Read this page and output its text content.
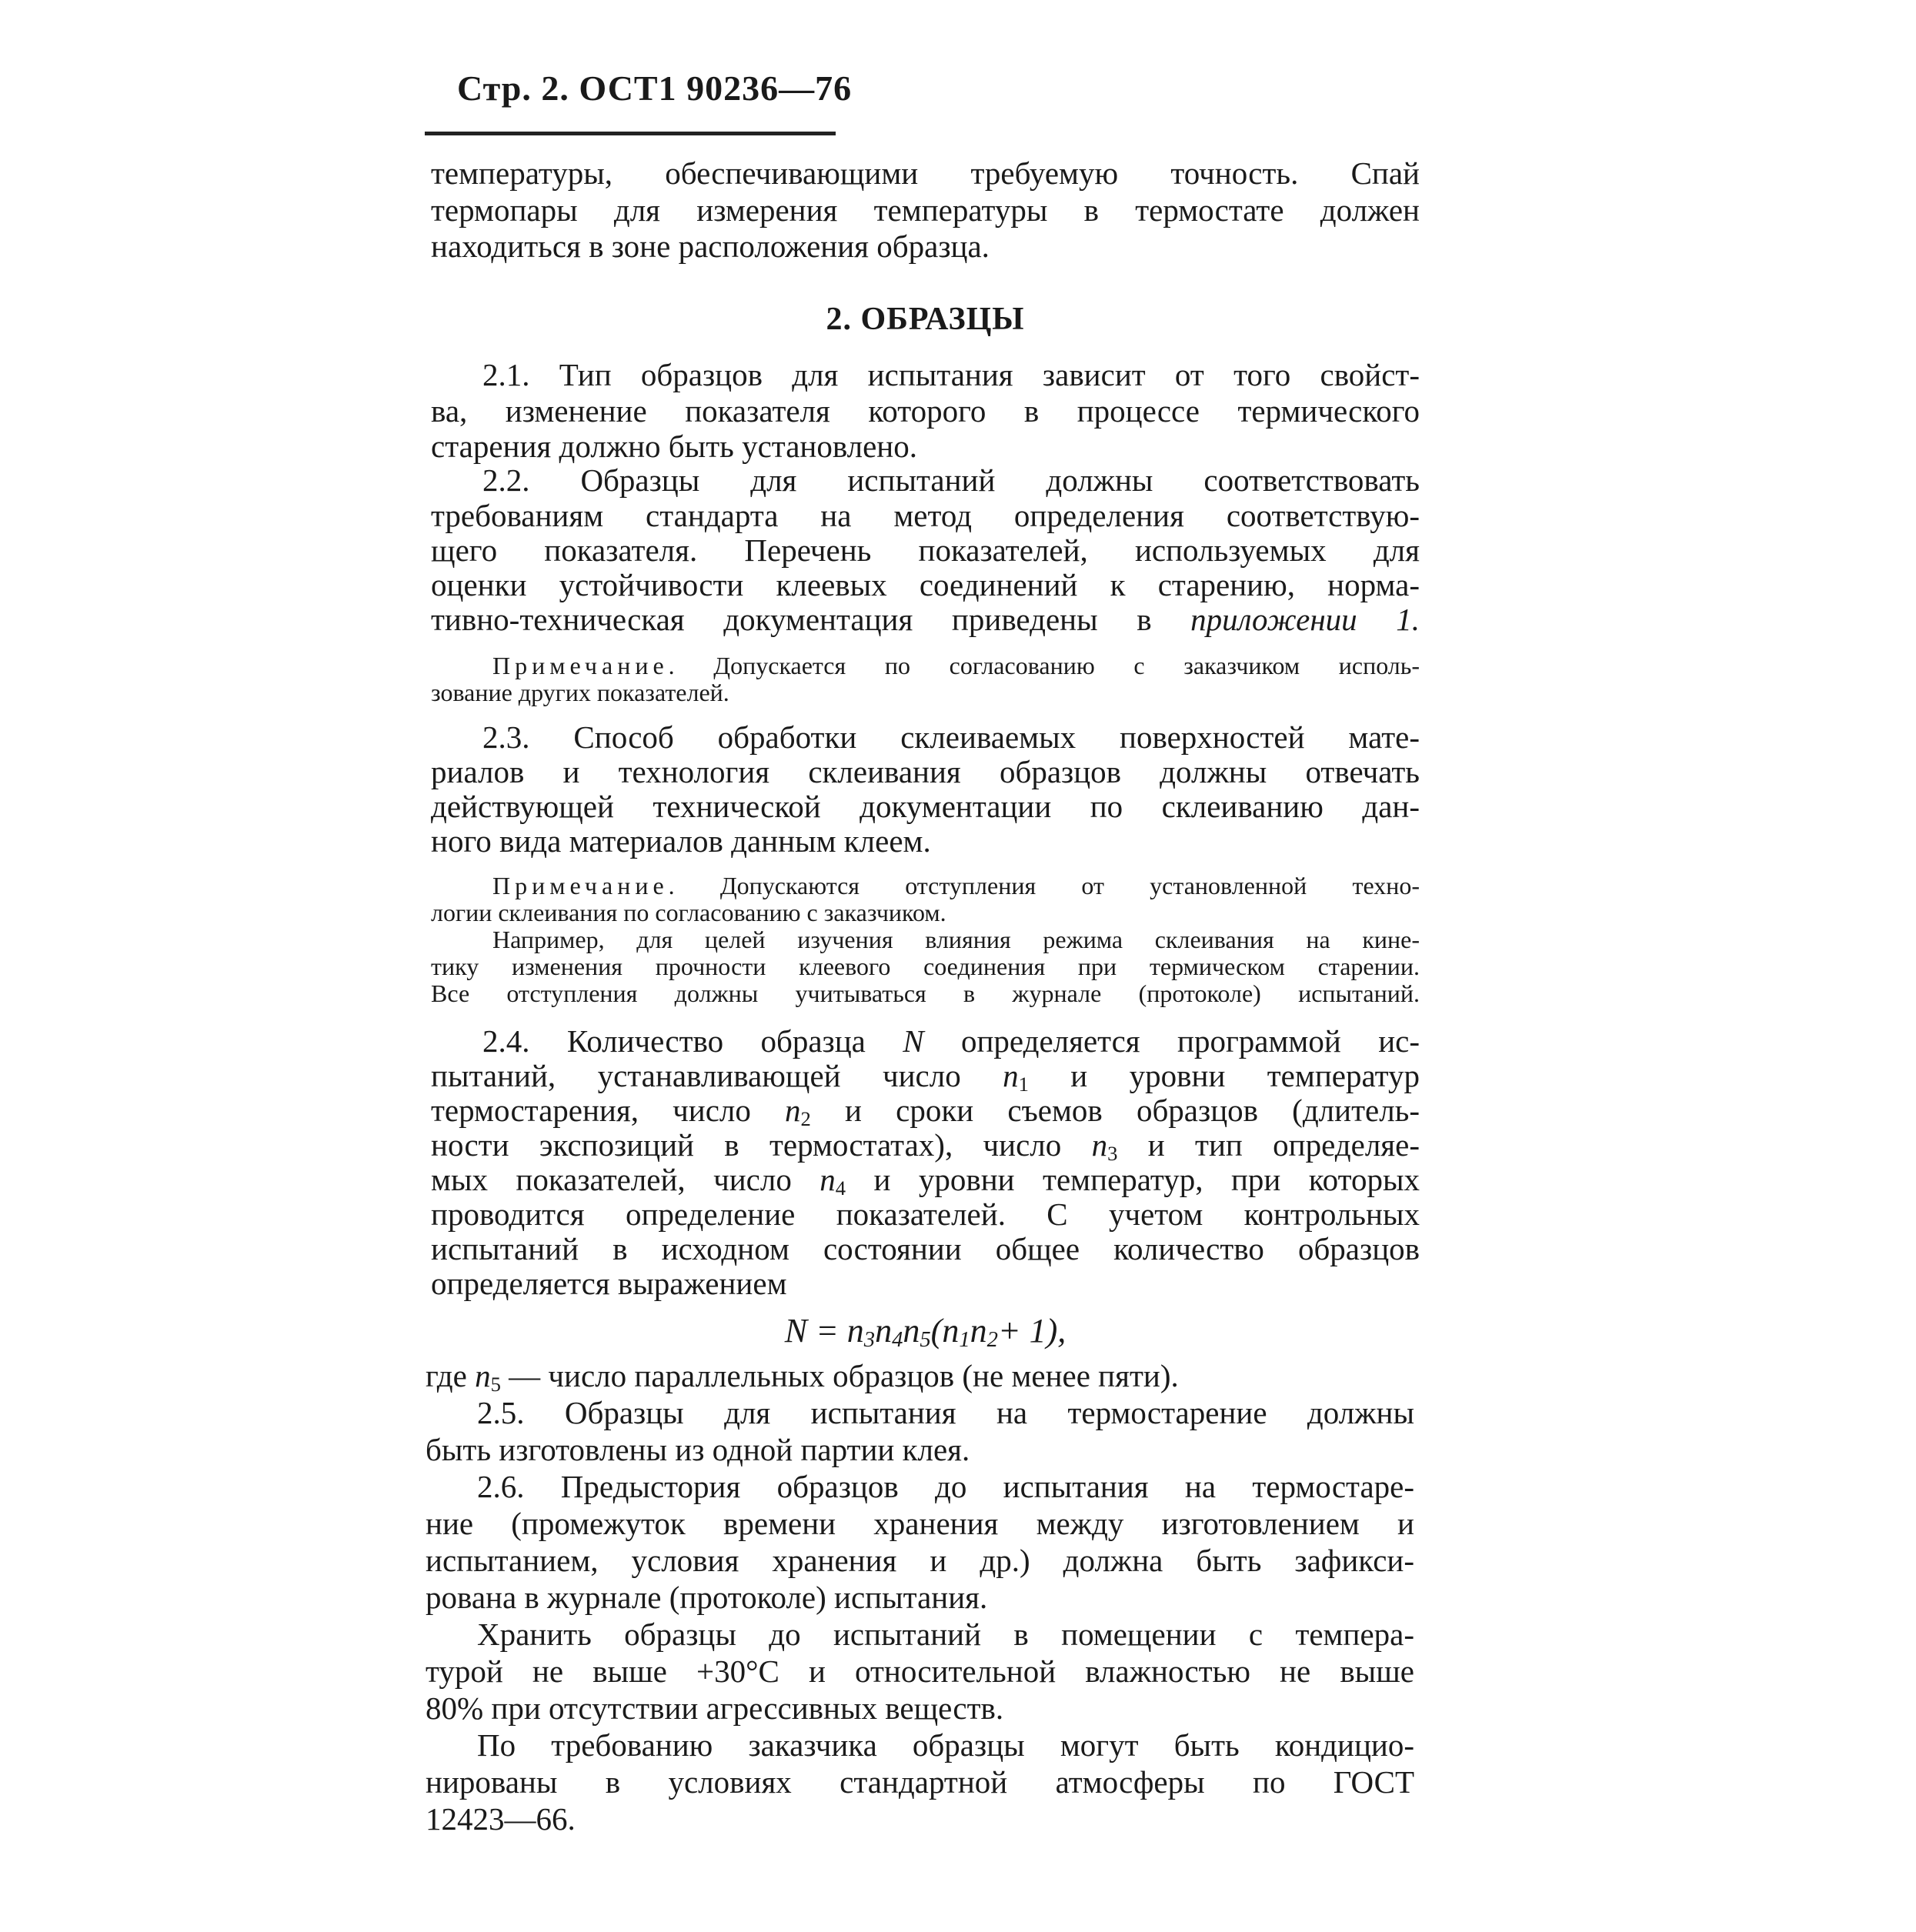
Стр. 2. ОСТ1 90236—76
температуры, обеспечивающими требуемую точность. Спай
термопары для измерения температуры в термостате должен
находиться в зоне расположения образца.
2. ОБРАЗЦЫ
2.1. Тип образцов для испытания зависит от того свойст-
ва, изменение показателя которого в процессе термического
старения должно быть установлено.
2.2. Образцы для испытаний должны соответствовать
требованиям стандарта на метод определения соответствую-
щего показателя. Перечень показателей, используемых для
оценки устойчивости клеевых соединений к старению, норма-
тивно-техническая документация приведены в приложении 1.
Примечание. Допускается по согласованию с заказчиком исполь-
зование других показателей.
2.3. Способ обработки склеиваемых поверхностей мате-
риалов и технология склеивания образцов должны отвечать
действующей технической документации по склеиванию дан-
ного вида материалов данным клеем.
Примечание. Допускаются отступления от установленной техно-
логии склеивания по согласованию с заказчиком.
Например, для целей изучения влияния режима склеивания на кине-
тику изменения прочности клеевого соединения при термическом старении.
Все отступления должны учитываться в журнале (протоколе) испытаний.
2.4. Количество образца N определяется программой ис-
пытаний, устанавливающей число $n_1$ и уровни температур
термостарения, число $n_2$ и сроки съемов образцов (длитель-
ности экспозиций в термостатах), число $n_3$ и тип определяе-
мых показателей, число $n_4$ и уровни температур, при которых
проводится определение показателей. С учетом контрольных
испытаний в исходном состоянии общее количество образцов
определяется выражением
$N = n_3n_4n_5(n_1n_2+ 1)$,
где $n_5$ — число параллельных образцов (не менее пяти).
2.5. Образцы для испытания на термостарение должны
быть изготовлены из одной партии клея.
2.6. Предыстория образцов до испытания на термостаре-
ние (промежуток времени хранения между изготовлением и
испытанием, условия хранения и др.) должна быть зафикси-
рована в журнале (протоколе) испытания.
Хранить образцы до испытаний в помещении с темпера-
турой не выше +30°С и относительной влажностью не выше
80% при отсутствии агрессивных веществ.
По требованию заказчика образцы могут быть кондицио-
нированы в условиях стандартной атмосферы по ГОСТ
12423—66.
